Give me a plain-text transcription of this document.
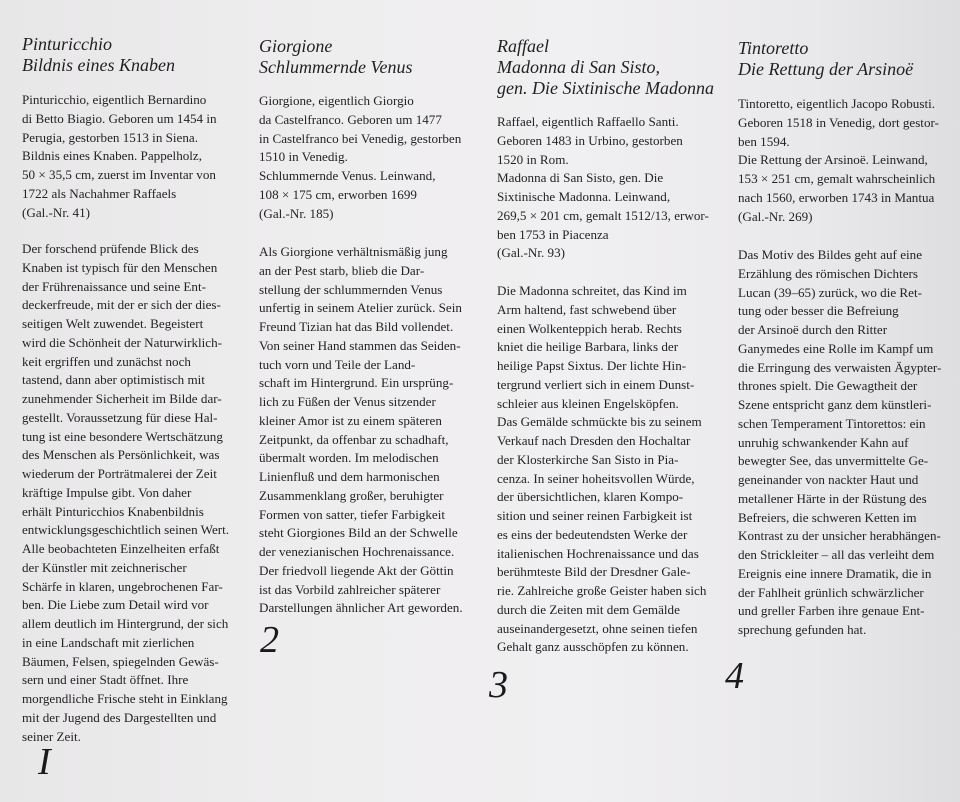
Pinturicchio
Bildnis eines Knaben
Pinturicchio, eigentlich Bernardino
di Betto Biagio. Geboren um 1454 in
Perugia, gestorben 1513 in Siena.
Bildnis eines Knaben. Pappelholz,
50 × 35,5 cm, zuerst im Inventar von
1722 als Nachahmer Raffaels
(Gal.-Nr. 41)
Der forschend prüfende Blick des
Knaben ist typisch für den Menschen
der Frührenaissance und seine Ent-
deckerfreude, mit der er sich der dies-
seitigen Welt zuwendet. Begeistert
wird die Schönheit der Naturwirklich-
keit ergriffen und zunächst noch
tastend, dann aber optimistisch mit
zunehmender Sicherheit im Bilde dar-
gestellt. Voraussetzung für diese Hal-
tung ist eine besondere Wertschätzung
des Menschen als Persönlichkeit, was
wiederum der Porträtmalerei der Zeit
kräftige Impulse gibt. Von daher
erhält Pinturicchios Knabenbildnis
entwicklungsgeschichtlich seinen Wert.
Alle beobachteten Einzelheiten erfaßt
der Künstler mit zeichnerischer
Schärfe in klaren, ungebrochenen Far-
ben. Die Liebe zum Detail wird vor
allem deutlich im Hintergrund, der sich
in eine Landschaft mit zierlichen
Bäumen, Felsen, spiegelnden Gewäs-
sern und einer Stadt öffnet. Ihre
morgendliche Frische steht in Einklang
mit der Jugend des Dargestellten und
seiner Zeit.
I
Giorgione
Schlummernde Venus
Giorgione, eigentlich Giorgio
da Castelfranco. Geboren um 1477
in Castelfranco bei Venedig, gestorben
1510 in Venedig.
Schlummernde Venus. Leinwand,
108 × 175 cm, erworben 1699
(Gal.-Nr. 185)
Als Giorgione verhältnismäßig jung
an der Pest starb, blieb die Dar-
stellung der schlummernden Venus
unfertig in seinem Atelier zurück. Sein
Freund Tizian hat das Bild vollendet.
Von seiner Hand stammen das Seiden-
tuch vorn und Teile der Land-
schaft im Hintergrund. Ein ursprüng-
lich zu Füßen der Venus sitzender
kleiner Amor ist zu einem späteren
Zeitpunkt, da offenbar zu schadhaft,
übermalt worden. Im melodischen
Linienfluß und dem harmonischen
Zusammenklang großer, beruhigter
Formen von satter, tiefer Farbigkeit
steht Giorgiones Bild an der Schwelle
der venezianischen Hochrenaissance.
Der friedvoll liegende Akt der Göttin
ist das Vorbild zahlreicher späterer
Darstellungen ähnlicher Art geworden.
2
Raffael
Madonna di San Sisto,
gen. Die Sixtinische Madonna
Raffael, eigentlich Raffaello Santi.
Geboren 1483 in Urbino, gestorben
1520 in Rom.
Madonna di San Sisto, gen. Die
Sixtinische Madonna. Leinwand,
269,5 × 201 cm, gemalt 1512/13, erwor-
ben 1753 in Piacenza
(Gal.-Nr. 93)
Die Madonna schreitet, das Kind im
Arm haltend, fast schwebend über
einen Wolkenteppich herab. Rechts
kniet die heilige Barbara, links der
heilige Papst Sixtus. Der lichte Hin-
tergrund verliert sich in einem Dunst-
schleier aus kleinen Engelsköpfen.
Das Gemälde schmückte bis zu seinem
Verkauf nach Dresden den Hochaltar
der Klosterkirche San Sisto in Pia-
cenza. In seiner hoheitsvollen Würde,
der übersichtlichen, klaren Kompo-
sition und seiner reinen Farbigkeit ist
es eins der bedeutendsten Werke der
italienischen Hochrenaissance und das
berühmteste Bild der Dresdner Gale-
rie. Zahlreiche große Geister haben sich
durch die Zeiten mit dem Gemälde
auseinandergesetzt, ohne seinen tiefen
Gehalt ganz ausschöpfen zu können.
3
Tintoretto
Die Rettung der Arsinoë
Tintoretto, eigentlich Jacopo Robusti.
Geboren 1518 in Venedig, dort gestor-
ben 1594.
Die Rettung der Arsinoë. Leinwand,
153 × 251 cm, gemalt wahrscheinlich
nach 1560, erworben 1743 in Mantua
(Gal.-Nr. 269)
Das Motiv des Bildes geht auf eine
Erzählung des römischen Dichters
Lucan (39–65) zurück, wo die Ret-
tung oder besser die Befreiung
der Arsinoë durch den Ritter
Ganymedes eine Rolle im Kampf um
die Erringung des verwaisten Ägypter-
thrones spielt. Die Gewagtheit der
Szene entspricht ganz dem künstleri-
schen Temperament Tintorettos: ein
unruhig schwankender Kahn auf
bewegter See, das unvermittelte Ge-
geneinander von nackter Haut und
metallener Härte in der Rüstung des
Befreiers, die schweren Ketten im
Kontrast zu der unsicher herabhängen-
den Strickleiter – all das verleiht dem
Ereignis eine innere Dramatik, die in
der Fahlheit grünlich schwärzlicher
und greller Farben ihre genaue Ent-
sprechung gefunden hat.
4
